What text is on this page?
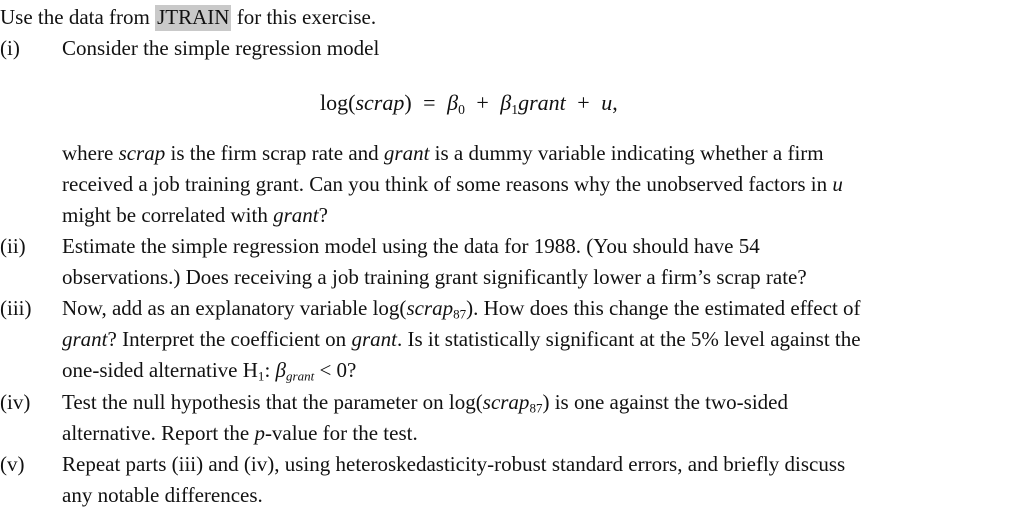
Use the data from JTRAIN for this exercise.
(i) Consider the simple regression model
log(scrap) = $\beta_0$ + $\beta_1grant + u$,
where scrap is the firm scrap rate and grant is a dummy variable indicating whether a firm
received a job training grant. Can you think of some reasons why the unobserved factors in u
might be correlated with grant?
(ii) Estimate the simple regression model using the data for 1988. (You should have 54
observations.) Does receiving a job training grant significantly lower a firm’s scrap rate?
(iii) Now, add as an explanatory variable log(scrap$_{87}$). How does this change the estimated effect of
grant? Interpret the coefficient on grant. Is it statistically significant at the 5% level against the
one-sided alternative $H_1$: $\beta_{grant} < 0$?
(iv) Test the null hypothesis that the parameter on log(scrap$_{87}$) is one against the two-sided
alternative. Report the p-value for the test.
(v) Repeat parts (iii) and (iv), using heteroskedasticity-robust standard errors, and briefly discuss
any notable differences.
